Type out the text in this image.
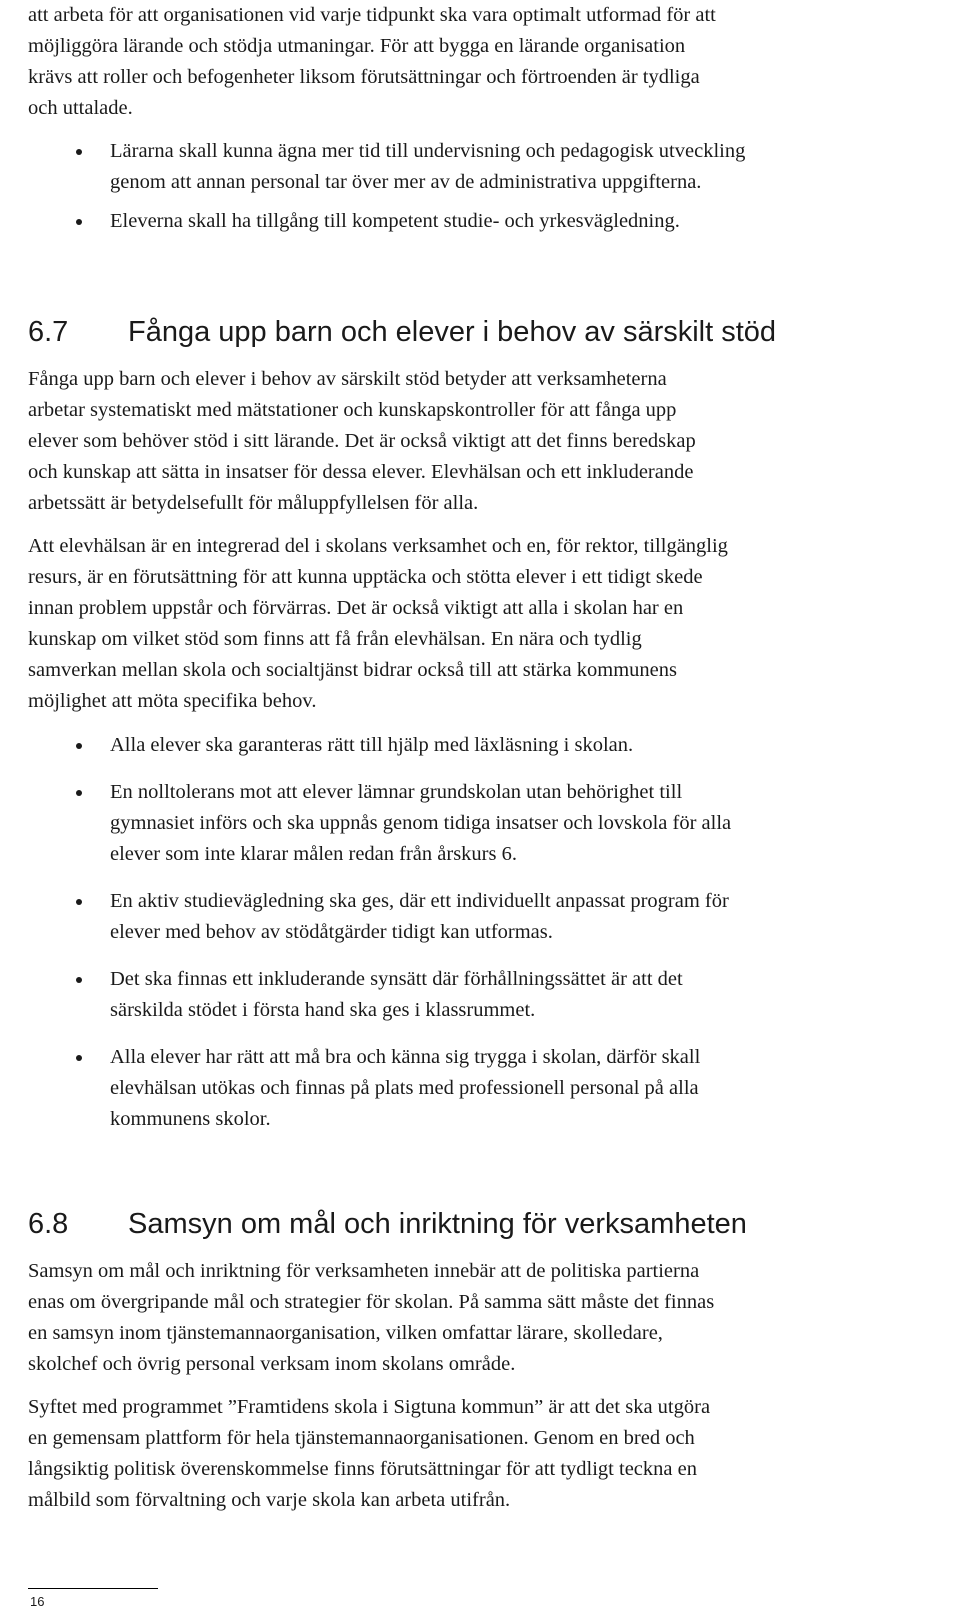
att arbeta för att organisationen vid varje tidpunkt ska vara optimalt utformad för att
möjliggöra lärande och stödja utmaningar. För att bygga en lärande organisation
krävs att roller och befogenheter liksom förutsättningar och förtroenden är tydliga
och uttalade.

Lärarna skall kunna ägna mer tid till undervisning och pedagogisk utveckling
genom att annan personal tar över mer av de administrativa uppgifterna.
Eleverna skall ha tillgång till kompetent studie- och yrkesvägledning.
6.7 Fånga upp barn och elever i behov av särskilt stöd

Fånga upp barn och elever i behov av särskilt stöd betyder att verksamheterna
arbetar systematiskt med mätstationer och kunskapskontroller för att fånga upp
elever som behöver stöd i sitt lärande. Det är också viktigt att det finns beredskap
och kunskap att sätta in insatser för dessa elever. Elevhälsan och ett inkluderande
arbetssätt är betydelsefullt för måluppfyllelsen för alla.

Att elevhälsan är en integrerad del i skolans verksamhet och en, för rektor, tillgänglig
resurs, är en förutsättning för att kunna upptäcka och stötta elever i ett tidigt skede
innan problem uppstår och förvärras. Det är också viktigt att alla i skolan har en
kunskap om vilket stöd som finns att få från elevhälsan. En nära och tydlig
samverkan mellan skola och socialtjänst bidrar också till att stärka kommunens
möjlighet att möta specifika behov.

Alla elever ska garanteras rätt till hjälp med läxläsning i skolan.
En nolltolerans mot att elever lämnar grundskolan utan behörighet till
gymnasiet införs och ska uppnås genom tidiga insatser och lovskola för alla
elever som inte klarar målen redan från årskurs 6.
En aktiv studievägledning ska ges, där ett individuellt anpassat program för
elever med behov av stödåtgärder tidigt kan utformas.
Det ska finnas ett inkluderande synsätt där förhållningssättet är att det
särskilda stödet i första hand ska ges i klassrummet.
Alla elever har rätt att må bra och känna sig trygga i skolan, därför skall
elevhälsan utökas och finnas på plats med professionell personal på alla
kommunens skolor.
6.8 Samsyn om mål och inriktning för verksamheten

Samsyn om mål och inriktning för verksamheten innebär att de politiska partierna
enas om övergripande mål och strategier för skolan. På samma sätt måste det finnas
en samsyn inom tjänstemannaorganisation, vilken omfattar lärare, skolledare,
skolchef och övrig personal verksam inom skolans område.

Syftet med programmet ”Framtidens skola i Sigtuna kommun” är att det ska utgöra
en gemensam plattform för hela tjänstemannaorganisationen. Genom en bred och
långsiktig politisk överenskommelse finns förutsättningar för att tydligt teckna en
målbild som förvaltning och varje skola kan arbeta utifrån.

16
